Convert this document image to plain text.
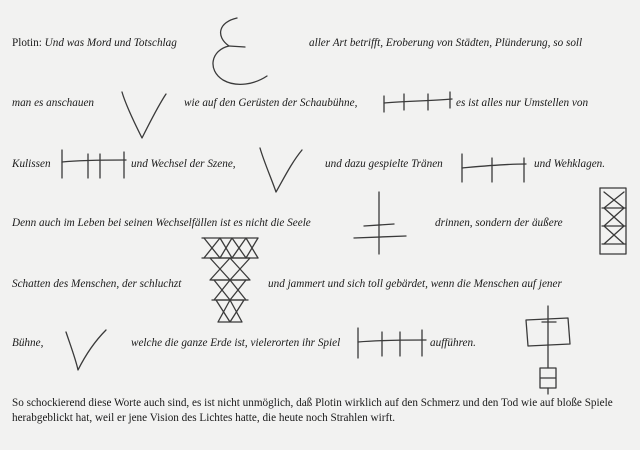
Plotin: Und was Mord und Totschlag	aller Art betrifft, Eroberung von Städten, Plünderung, so soll
man es anschauen	wie auf den Gerüsten der Schaubühne,	es ist alles nur Umstellen von
Kulissen	und Wechsel der Szene,	und dazu gespielte Tränen	und Wehklagen.
Denn auch im Leben bei seinen Wechselfällen ist es nicht die Seele	drinnen, sondern der äußere
Schatten des Menschen, der schluchzt	und jammert und sich toll gebärdet, wenn die Menschen auf jener
Bühne,	welche die ganze Erde ist, vielerorten ihr Spiel	aufführen.
So schockierend diese Worte auch sind, es ist nicht unmöglich, daß Plotin wirklich auf den Schmerz und den Tod wie auf bloße Spiele herabgeblickt hat, weil er jene Vision des Lichtes hatte, die heute noch Strahlen wirft.
